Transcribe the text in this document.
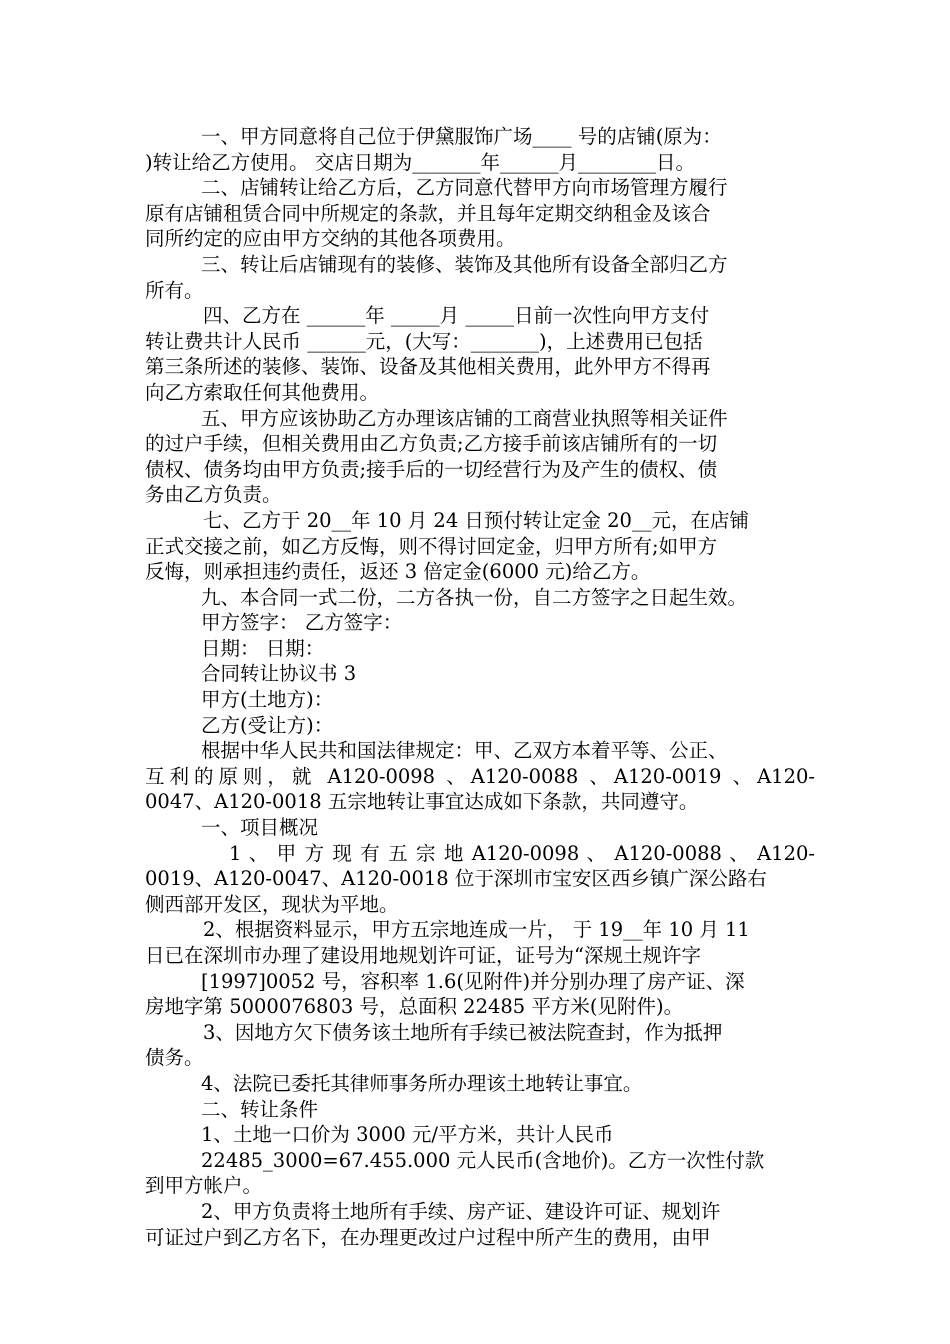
一、甲方同意将自己位于伊黛服饰广场____ 号的店铺(原为：
)转让给乙方使用。 交店日期为_______年______月________日。
二、店铺转让给乙方后，乙方同意代替甲方向市场管理方履行
原有店铺租赁合同中所规定的条款，并且每年定期交纳租金及该合
同所约定的应由甲方交纳的其他各项费用。
三、转让后店铺现有的装修、装饰及其他所有设备全部归乙方
所有。
四、乙方在 ______年 _____月 _____日前一次性向甲方支付
转让费共计人民币 ______元，(大写：_______)，上述费用已包括
第三条所述的装修、装饰、设备及其他相关费用，此外甲方不得再
向乙方索取任何其他费用。
五、甲方应该协助乙方办理该店铺的工商营业执照等相关证件
的过户手续，但相关费用由乙方负责;乙方接手前该店铺所有的一切
债权、债务均由甲方负责;接手后的一切经营行为及产生的债权、债
务由乙方负责。
七、乙方于 20__年 10 月 24 日预付转让定金 20__元，在店铺
正式交接之前，如乙方反悔，则不得讨回定金，归甲方所有;如甲方
反悔，则承担违约责任，返还 3 倍定金(6000 元)给乙方。
九、本合同一式二份，二方各执一份，自二方签字之日起生效。
甲方签字： 乙方签字：
日期： 日期：
合同转让协议书 3
甲方(土地方)：
乙方(受让方)：
根据中华人民共和国法律规定：甲、乙双方本着平等、公正、
互利的原则，就 A120-0098 、A120-0088 、A120-0019 、A120-
0047、A120-0018 五宗地转让事宜达成如下条款，共同遵守。
一、项目概况
1 、 甲 方 现 有 五 宗 地 A120-0098 、 A120-0088 、 A120-
0019、A120-0047、A120-0018 位于深圳市宝安区西乡镇广深公路右
侧西部开发区，现状为平地。
2、根据资料显示，甲方五宗地连成一片， 于 19__年 10 月 11
日已在深圳市办理了建设用地规划许可证，证号为“深规土规许字
[1997]0052 号，容积率 1.6(见附件)并分别办理了房产证、深
房地字第 5000076803 号，总面积 22485 平方米(见附件)。
3、因地方欠下债务该土地所有手续已被法院查封，作为抵押
债务。
4、法院已委托其律师事务所办理该土地转让事宜。
二、转让条件
1、土地一口价为 3000 元/平方米，共计人民币
22485_3000=67.455.000 元人民币(含地价)。乙方一次性付款
到甲方帐户。
2、甲方负责将土地所有手续、房产证、建设许可证、规划许
可证过户到乙方名下，在办理更改过户过程中所产生的费用，由甲
